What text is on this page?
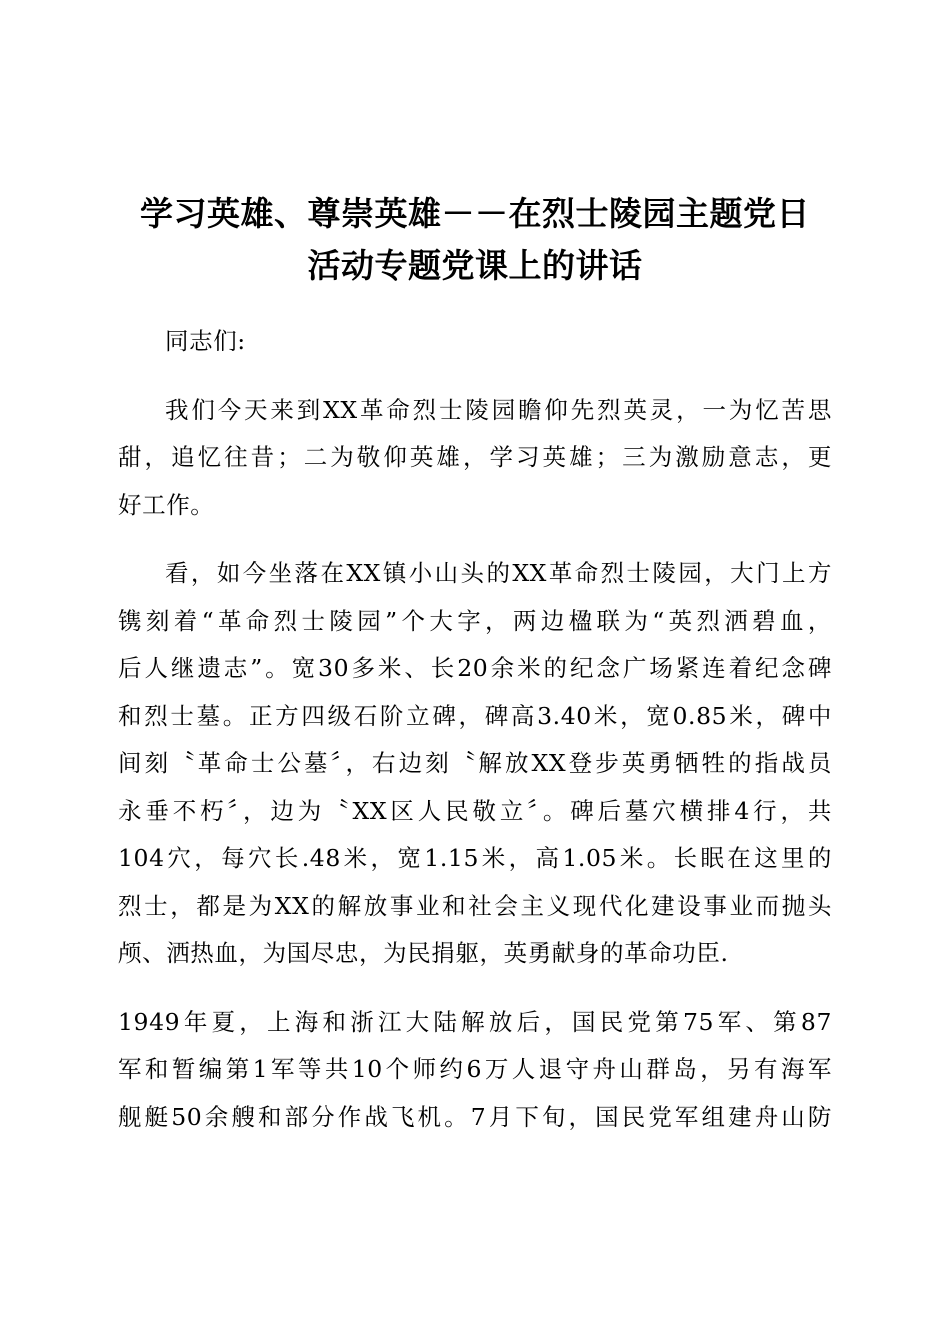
学习英雄、尊崇英雄－－在烈士陵园主题党日
活动专题党课上的讲话

同志们:

我们今天来到XX革命烈士陵园瞻仰先烈英灵，一为忆苦思
甜，追忆往昔；二为敬仰英雄，学习英雄；三为激励意志，更
好工作。

看，如今坐落在XX镇小山头的XX革命烈士陵园，大门上方
镌刻着“革命烈士陵园”个大字，两边楹联为“英烈洒碧血，
后人继遗志”。宽30多米、长20余米的纪念广场紧连着纪念碑
和烈士墓。正方四级石阶立碑，碑高3.40米，宽0.85米，碑中
间刻〝革命士公墓〞，右边刻〝解放XX登步英勇牺牲的指战员
永垂不朽〞，边为〝XX区人民敬立〞。碑后墓穴横排4行，共
104穴，每穴长.48米，宽1.15米，高1.05米。长眠在这里的
烈士，都是为XX的解放事业和社会主义现代化建设事业而抛头
颅、洒热血，为国尽忠，为民捐躯，英勇献身的革命功臣.

1949年夏，上海和浙江大陆解放后，国民党第75军、第87
军和暂编第1军等共10个师约6万人退守舟山群岛，另有海军
舰艇50余艘和部分作战飞机。7月下旬，国民党军组建舟山防
